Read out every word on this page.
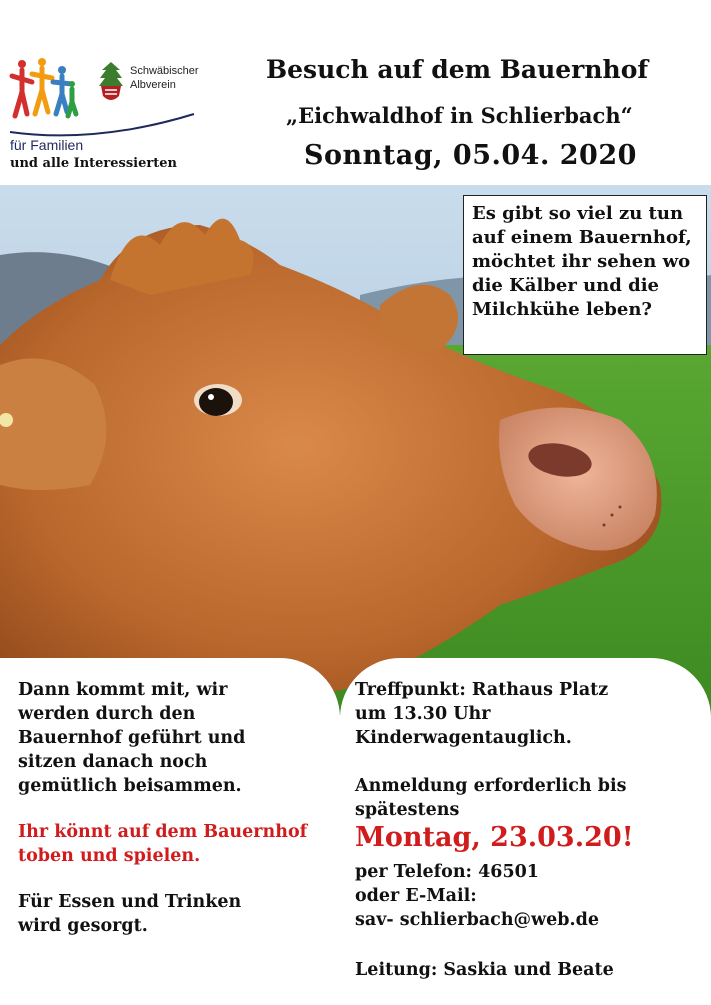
Schwäbischer
Albverein
für Familien
und alle Interessierten
Besuch auf dem Bauernhof
„Eichwaldhof in Schlierbach“
Sonntag, 05.04. 2020
Es gibt so viel zu tun auf einem Bauernhof, möchtet ihr sehen wo die Kälber und die Milchkühe leben?
Dann kommt mit, wir
werden durch den
Bauernhof geführt und
sitzen danach noch
gemütlich beisammen.
Ihr könnt auf dem Bauernhof
toben und spielen.
Für Essen und Trinken
wird gesorgt.
Treffpunkt: Rathaus Platz
um 13.30 Uhr
Kinderwagentauglich.
Anmeldung erforderlich bis
spätestens
Montag, 23.03.20!
per Telefon: 46501
oder E-Mail:
sav- schlierbach@web.de
Leitung: Saskia und Beate
